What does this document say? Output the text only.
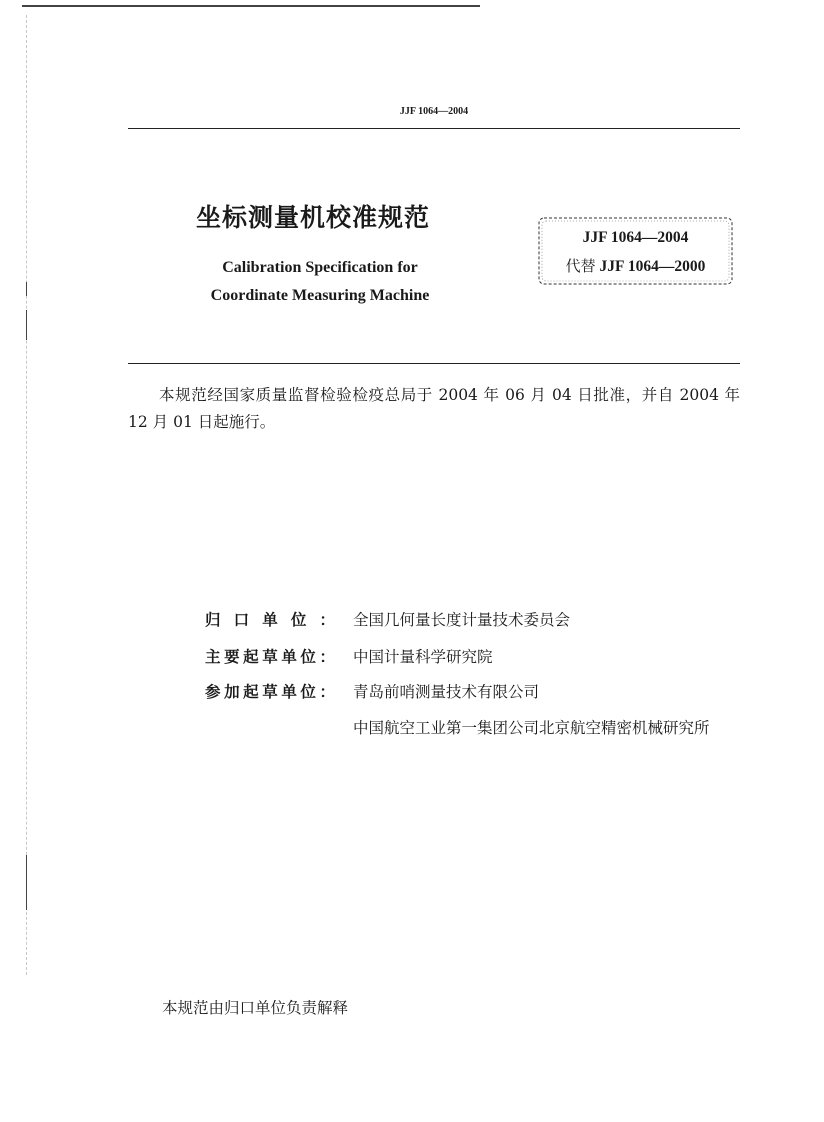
JJF 1064—2004
坐标测量机校准规范
Calibration Specification for
Coordinate Measuring Machine
JJF 1064—2004
代替 JJF 1064—2000
本规范经国家质量监督检验检疫总局于 2004 年 06 月 04 日批准，并自 2004 年 12 月 01 日起施行。
归 口 单 位 ： 全国几何量长度计量技术委员会
主 要 起 草 单 位 ： 中国计量科学研究院
参 加 起 草 单 位 ： 青岛前哨测量技术有限公司
中国航空工业第一集团公司北京航空精密机械研究所
本规范由归口单位负责解释
